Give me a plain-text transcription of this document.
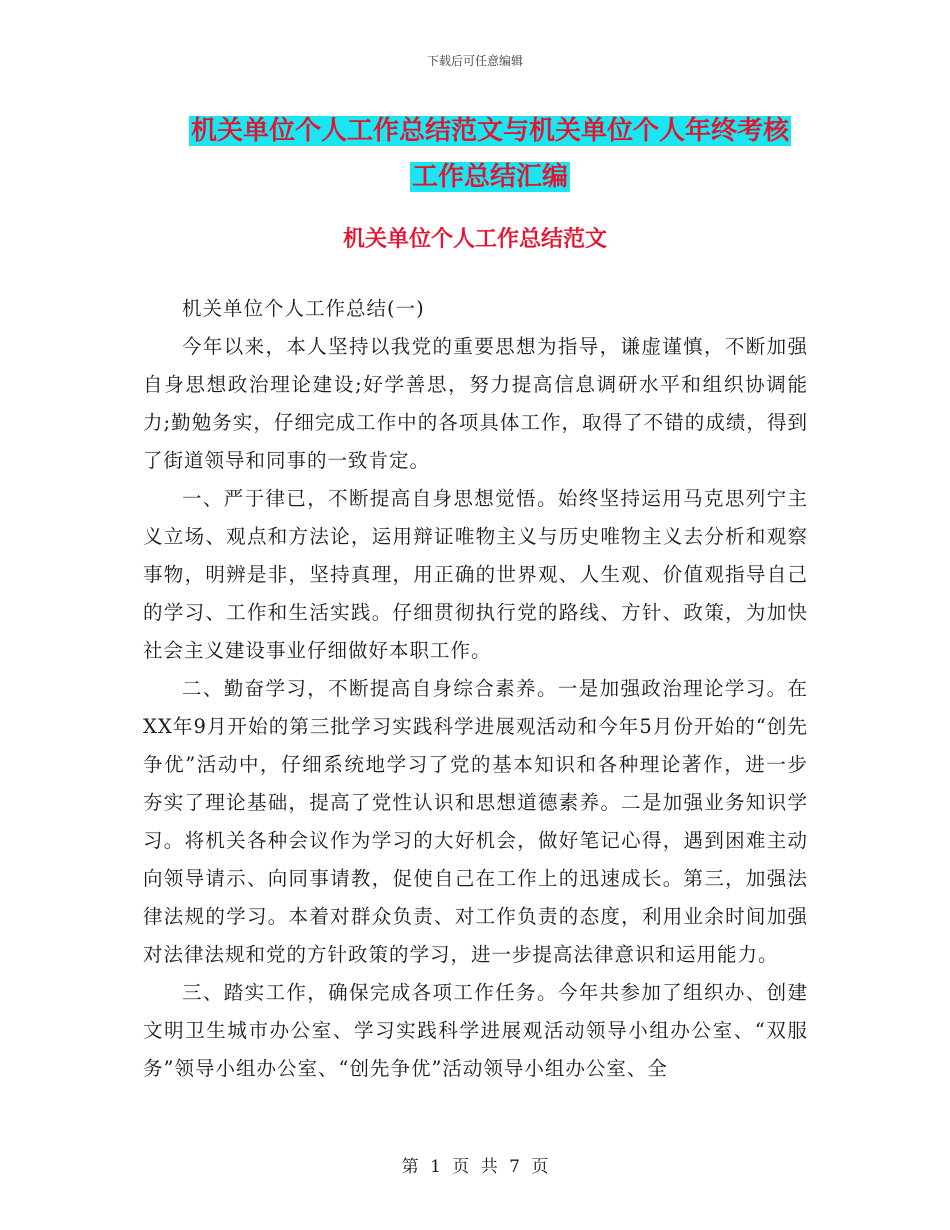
下载后可任意编辑
机关单位个人工作总结范文与机关单位个人年终考核
工作总结汇编
机关单位个人工作总结范文

机关单位个人工作总结(一)

今年以来，本人坚持以我党的重要思想为指导，谦虚谨慎，不断加强自身思想政治理论建设;好学善思，努力提高信息调研水平和组织协调能力;勤勉务实，仔细完成工作中的各项具体工作，取得了不错的成绩，得到了街道领导和同事的一致肯定。

一、严于律已，不断提高自身思想觉悟。始终坚持运用马克思列宁主义立场、观点和方法论，运用辩证唯物主义与历史唯物主义去分析和观察事物，明辨是非，坚持真理，用正确的世界观、人生观、价值观指导自己的学习、工作和生活实践。仔细贯彻执行党的路线、方针、政策，为加快社会主义建设事业仔细做好本职工作。

二、勤奋学习，不断提高自身综合素养。一是加强政治理论学习。在XX年9月开始的第三批学习实践科学进展观活动和今年5月份开始的“创先争优”活动中，仔细系统地学习了党的基本知识和各种理论著作，进一步夯实了理论基础，提高了党性认识和思想道德素养。二是加强业务知识学习。将机关各种会议作为学习的大好机会，做好笔记心得，遇到困难主动向领导请示、向同事请教，促使自己在工作上的迅速成长。第三，加强法律法规的学习。本着对群众负责、对工作负责的态度，利用业余时间加强对法律法规和党的方针政策的学习，进一步提高法律意识和运用能力。

三、踏实工作，确保完成各项工作任务。今年共参加了组织办、创建文明卫生城市办公室、学习实践科学进展观活动领导小组办公室、“双服务”领导小组办公室、“创先争优”活动领导小组办公室、全

第 1 页 共 7 页
